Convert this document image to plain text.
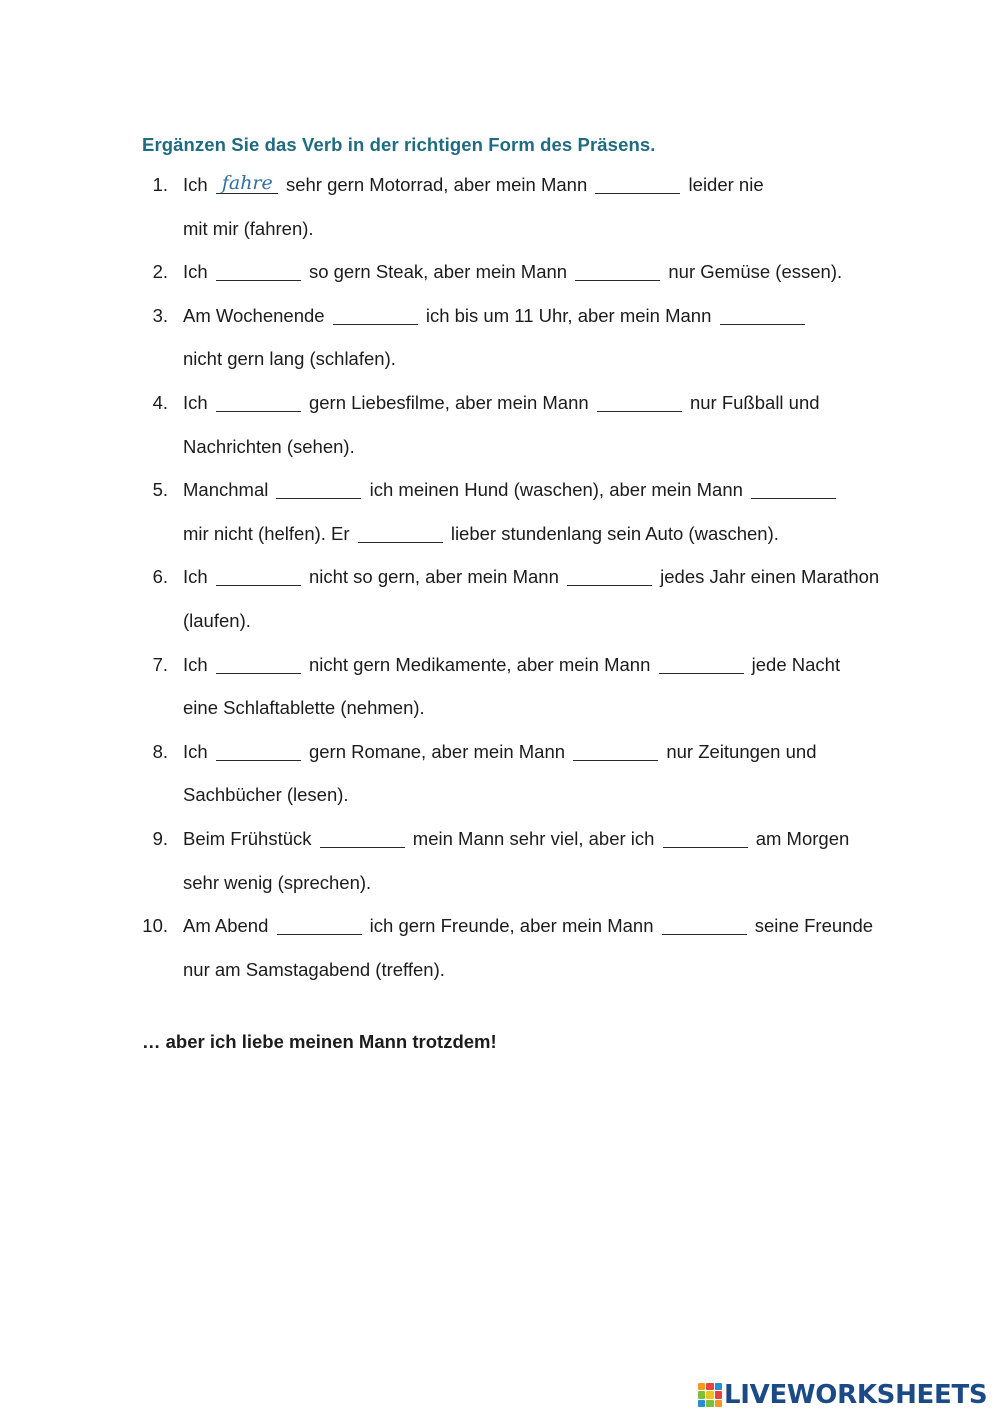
Ergänzen Sie das Verb in der richtigen Form des Präsens.
1. Ich fahre sehr gern Motorrad, aber mein Mann	leider nie
mit mir (fahren).
2. Ich	so gern Steak, aber mein Mann	nur Gemüse (essen).
3. Am Wochenende	ich bis um 11 Uhr, aber mein Mann
nicht gern lang (schlafen).
4. Ich	gern Liebesfilme, aber mein Mann	nur Fußball und
Nachrichten (sehen).
5. Manchmal	ich meinen Hund (waschen), aber mein Mann
mir nicht (helfen). Er	lieber stundenlang sein Auto (waschen).
6. Ich	nicht so gern, aber mein Mann	jedes Jahr einen Marathon
(laufen).
7. Ich	nicht gern Medikamente, aber mein Mann	jede Nacht
eine Schlaftablette (nehmen).
8. Ich	gern Romane, aber mein Mann	nur Zeitungen und
Sachbücher (lesen).
9. Beim Frühstück	mein Mann sehr viel, aber ich	am Morgen
sehr wenig (sprechen).
10. Am Abend	ich gern Freunde, aber mein Mann	seine Freunde
nur am Samstagabend (treffen).
… aber ich liebe meinen Mann trotzdem!
LIVEWORKSHEETS
